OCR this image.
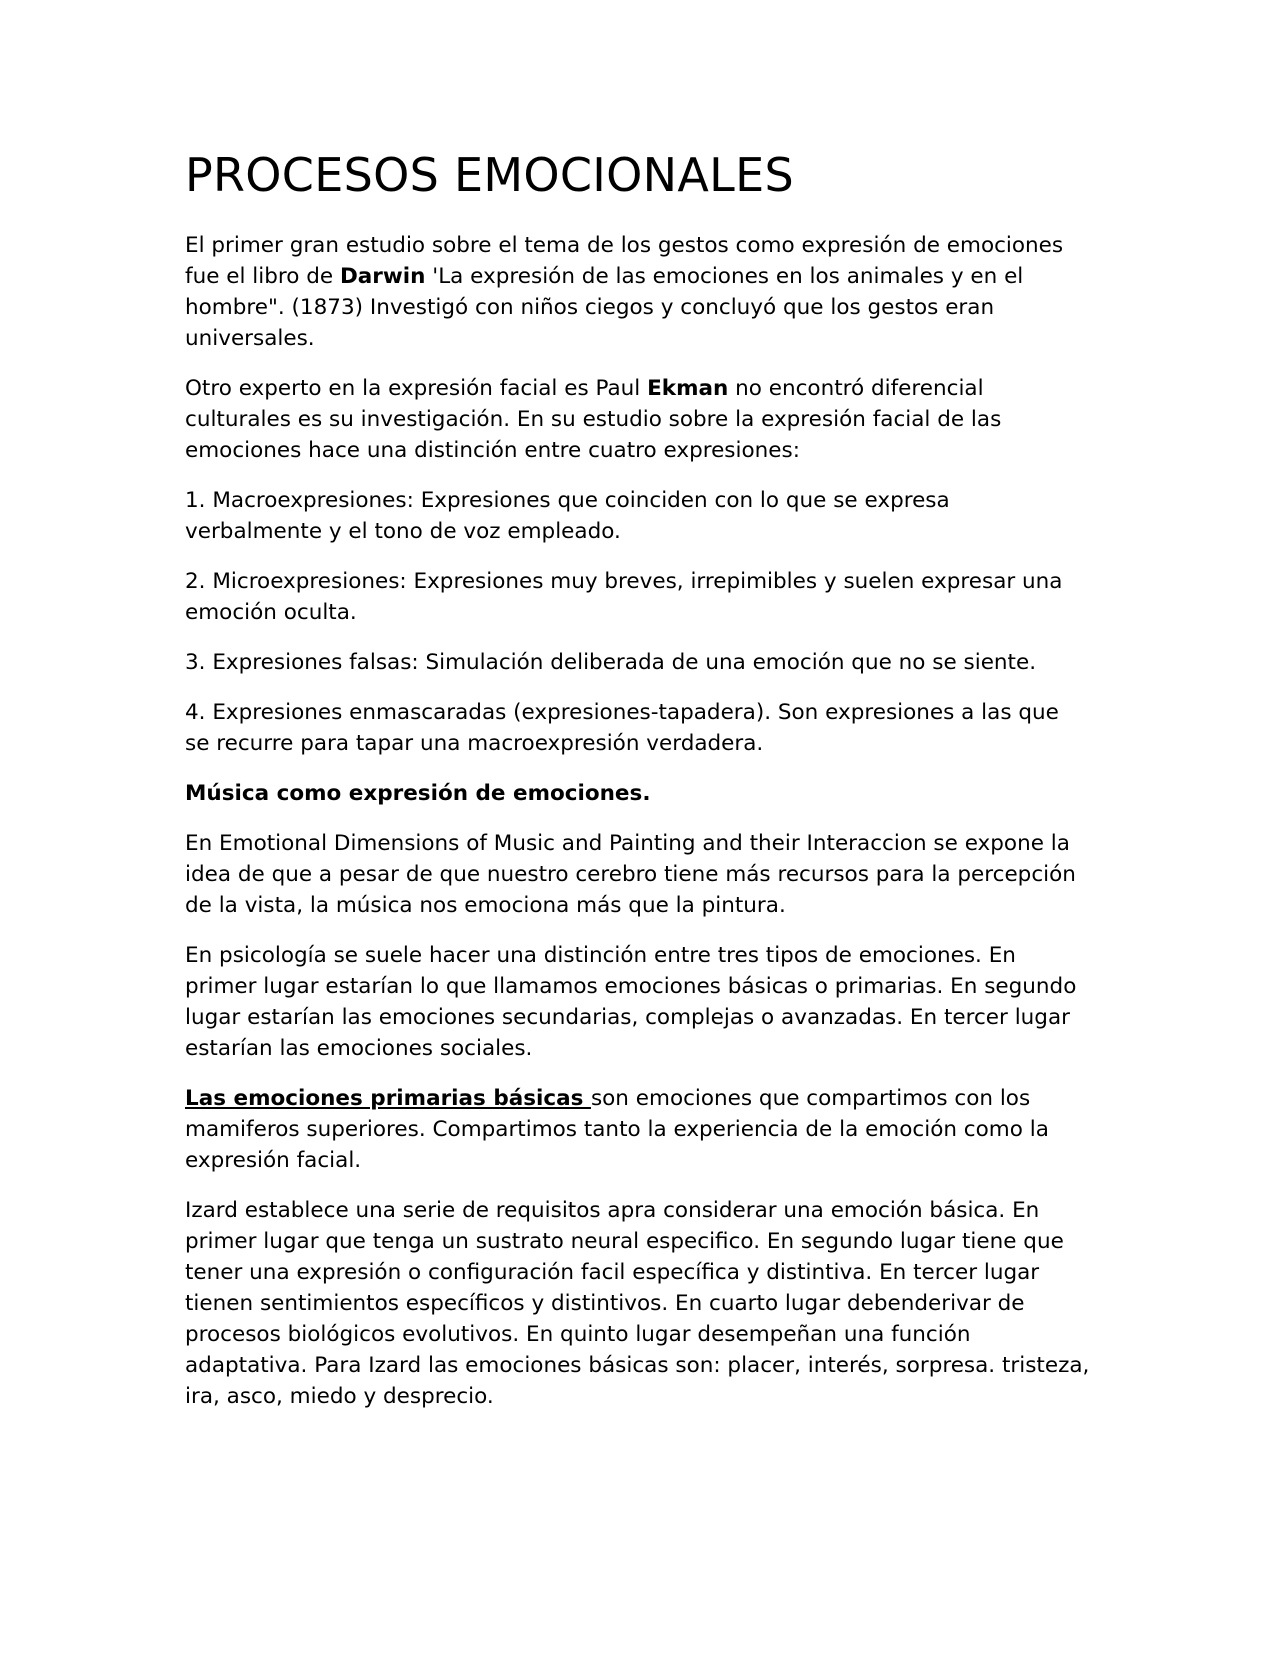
PROCESOS EMOCIONALES

El primer gran estudio sobre el tema de los gestos como expresión de emociones fue el libro de Darwin 'La expresión de las emociones en los animales y en el hombre". (1873) Investigó con niños ciegos y concluyó que los gestos eran universales.

Otro experto en la expresión facial es Paul Ekman no encontró diferencial culturales es su investigación. En su estudio sobre la expresión facial de las emociones hace una distinción entre cuatro expresiones:

1. Macroexpresiones: Expresiones que coinciden con lo que se expresa verbalmente y el tono de voz empleado.

2. Microexpresiones: Expresiones muy breves, irrepimibles y suelen expresar una emoción oculta.

3. Expresiones falsas: Simulación deliberada de una emoción que no se siente.

4. Expresiones enmascaradas (expresiones-tapadera). Son expresiones a las que se recurre para tapar una macroexpresión verdadera.

Música como expresión de emociones.

En Emotional Dimensions of Music and Painting and their Interaccion se expone la idea de que a pesar de que nuestro cerebro tiene más recursos para la percepción de la vista, la música nos emociona más que la pintura.

En psicología se suele hacer una distinción entre tres tipos de emociones. En primer lugar estarían lo que llamamos emociones básicas o primarias. En segundo lugar estarían las emociones secundarias, complejas o avanzadas. En tercer lugar estarían las emociones sociales.

Las emociones primarias básicas son emociones que compartimos con los mamiferos superiores. Compartimos tanto la experiencia de la emoción como la expresión facial.

Izard establece una serie de requisitos apra considerar una emoción básica. En primer lugar que tenga un sustrato neural especifico. En segundo lugar tiene que tener una expresión o configuración facil específica y distintiva. En tercer lugar tienen sentimientos específicos y distintivos. En cuarto lugar debenderivar de procesos biológicos evolutivos. En quinto lugar desempeñan una función adaptativa. Para Izard las emociones básicas son: placer, interés, sorpresa. tristeza, ira, asco, miedo y desprecio.
